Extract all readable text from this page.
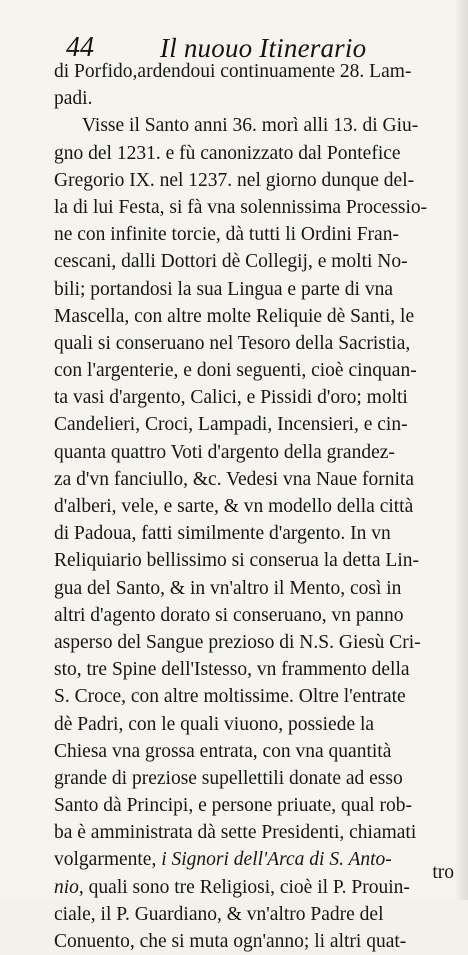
44 Il nuouo Itinerario
di Porfido,ardendoui continuamente 28. Lam-
padi.
Visse il Santo anni 36. morì alli 13. di Giu-
gno del 1231. e fù canonizzato dal Pontefice
Gregorio IX. nel 1237. nel giorno dunque del-
la di lui Festa, si fà vna solennissima Processio-
ne con infinite torcie, dà tutti li Ordini Fran-
cescani, dalli Dottori dè Collegij, e molti No-
bili; portandosi la sua Lingua e parte di vna
Mascella, con altre molte Reliquie dè Santi, le
quali si conseruano nel Tesoro della Sacristia,
con l'argenterie, e doni seguenti, cioè cinquan-
ta vasi d'argento, Calici, e Pissidi d'oro; molti
Candelieri, Croci, Lampadi, Incensieri, e cin-
quanta quattro Voti d'argento della grandez-
za d'vn fanciullo, &c. Vedesi vna Naue fornita
d'alberi, vele, e sarte, & vn modello della città
di Padoua, fatti similmente d'argento. In vn
Reliquiario bellissimo si conserua la detta Lin-
gua del Santo, & in vn'altro il Mento, così in
altri d'agento dorato si conseruano, vn panno
asperso del Sangue prezioso di N.S. Giesù Cri-
sto, tre Spine dell'Istesso, vn frammento della
S. Croce, con altre moltissime. Oltre l'entrate
dè Padri, con le quali viuono, possiede la
Chiesa vna grossa entrata, con vna quantità
grande di preziose supellettili donate ad esso
Santo dà Principi, e persone priuate, qual rob-
ba è amministrata dà sette Presidenti, chiamati
volgarmente, i Signori dell'Arca di S. Anto-
nio, quali sono tre Religiosi, cioè il P. Prouin-
ciale, il P. Guardiano, & vn'altro Padre del
Conuento, che si muta ogn'anno; li altri quat-
tro
